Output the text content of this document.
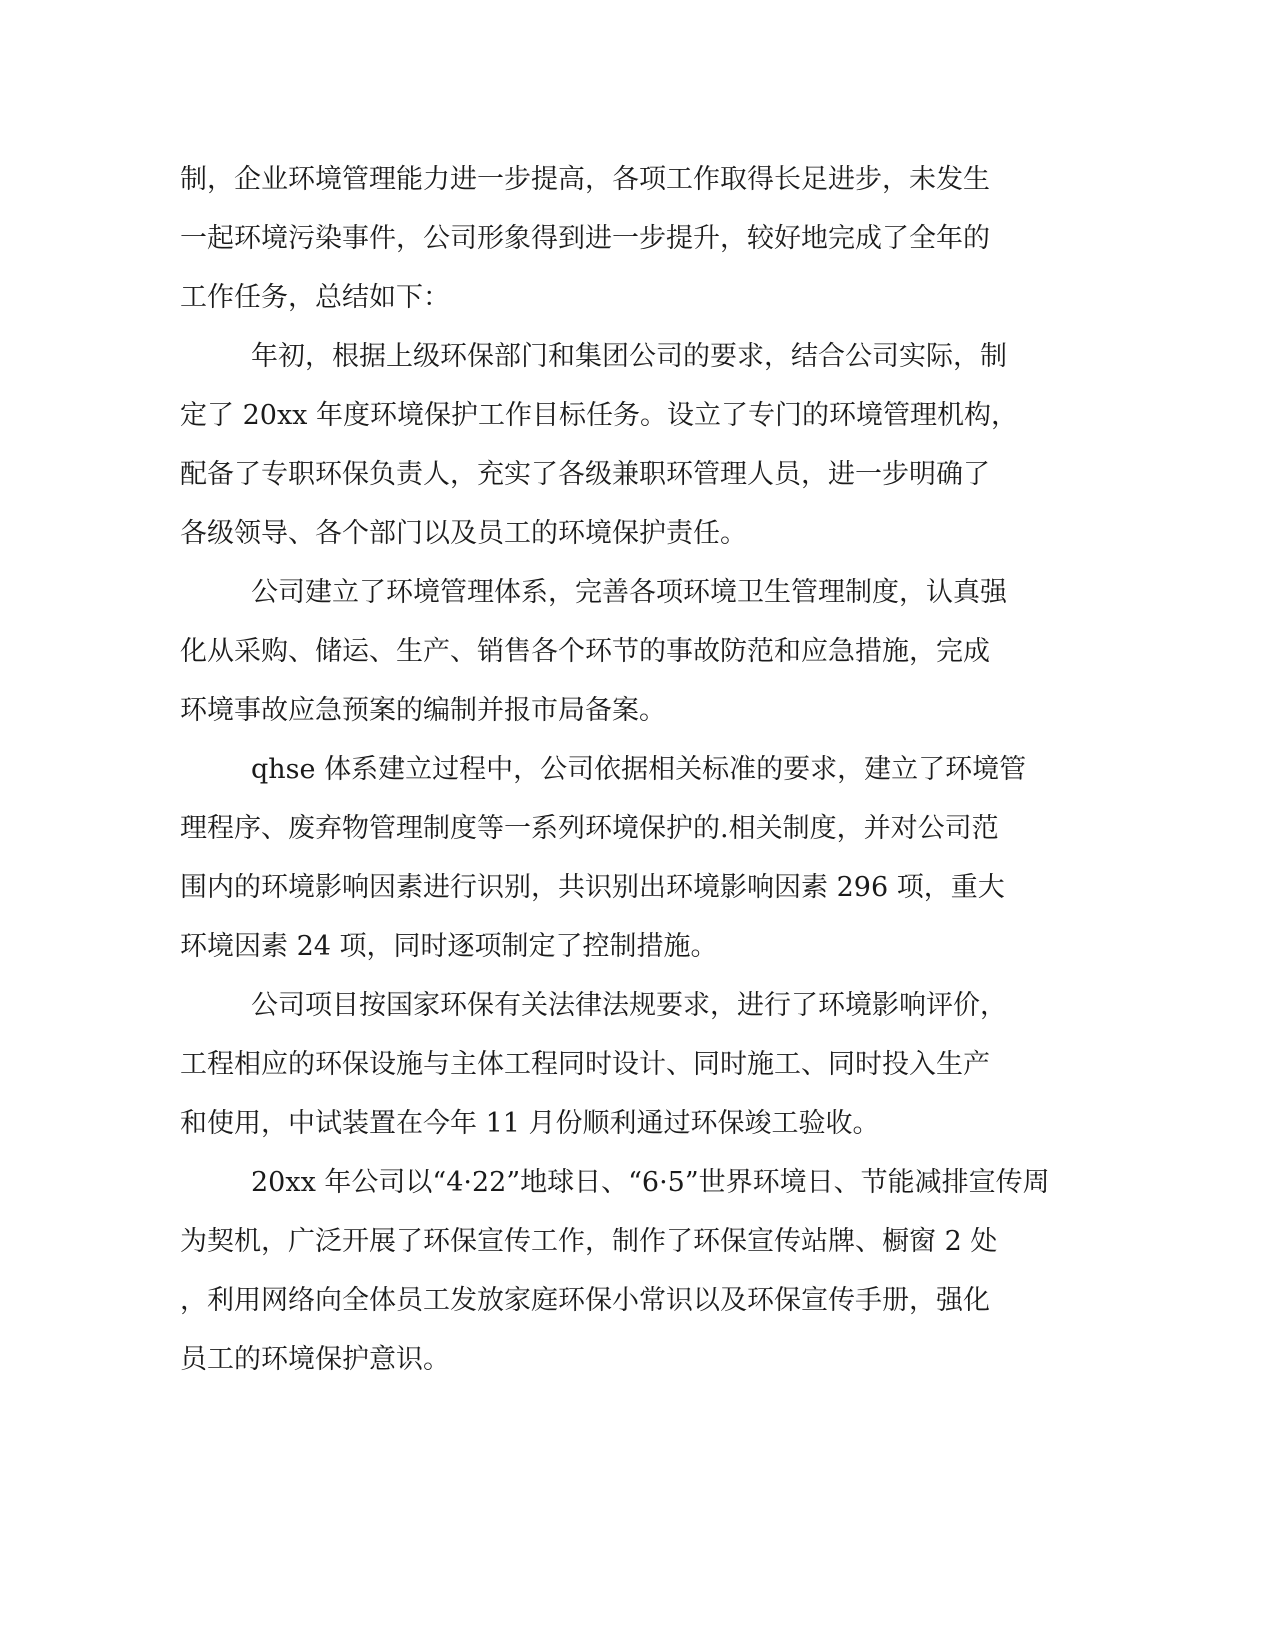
制，企业环境管理能力进一步提高，各项工作取得长足进步，未发生

一起环境污染事件，公司形象得到进一步提升，较好地完成了全年的

工作任务，总结如下：

年初，根据上级环保部门和集团公司的要求，结合公司实际，制

定了 20xx 年度环境保护工作目标任务。设立了专门的环境管理机构，

配备了专职环保负责人，充实了各级兼职环管理人员，进一步明确了

各级领导、各个部门以及员工的环境保护责任。

公司建立了环境管理体系，完善各项环境卫生管理制度，认真强

化从采购、储运、生产、销售各个环节的事故防范和应急措施，完成

环境事故应急预案的编制并报市局备案。

qhse 体系建立过程中，公司依据相关标准的要求，建立了环境管

理程序、废弃物管理制度等一系列环境保护的.相关制度，并对公司范

围内的环境影响因素进行识别，共识别出环境影响因素 296 项，重大

环境因素 24 项，同时逐项制定了控制措施。

公司项目按国家环保有关法律法规要求，进行了环境影响评价，

工程相应的环保设施与主体工程同时设计、同时施工、同时投入生产

和使用，中试装置在今年 11 月份顺利通过环保竣工验收。

20xx 年公司以“4·22”地球日、“6·5”世界环境日、节能减排宣传周

为契机，广泛开展了环保宣传工作，制作了环保宣传站牌、橱窗 2 处

，利用网络向全体员工发放家庭环保小常识以及环保宣传手册，强化

员工的环境保护意识。
